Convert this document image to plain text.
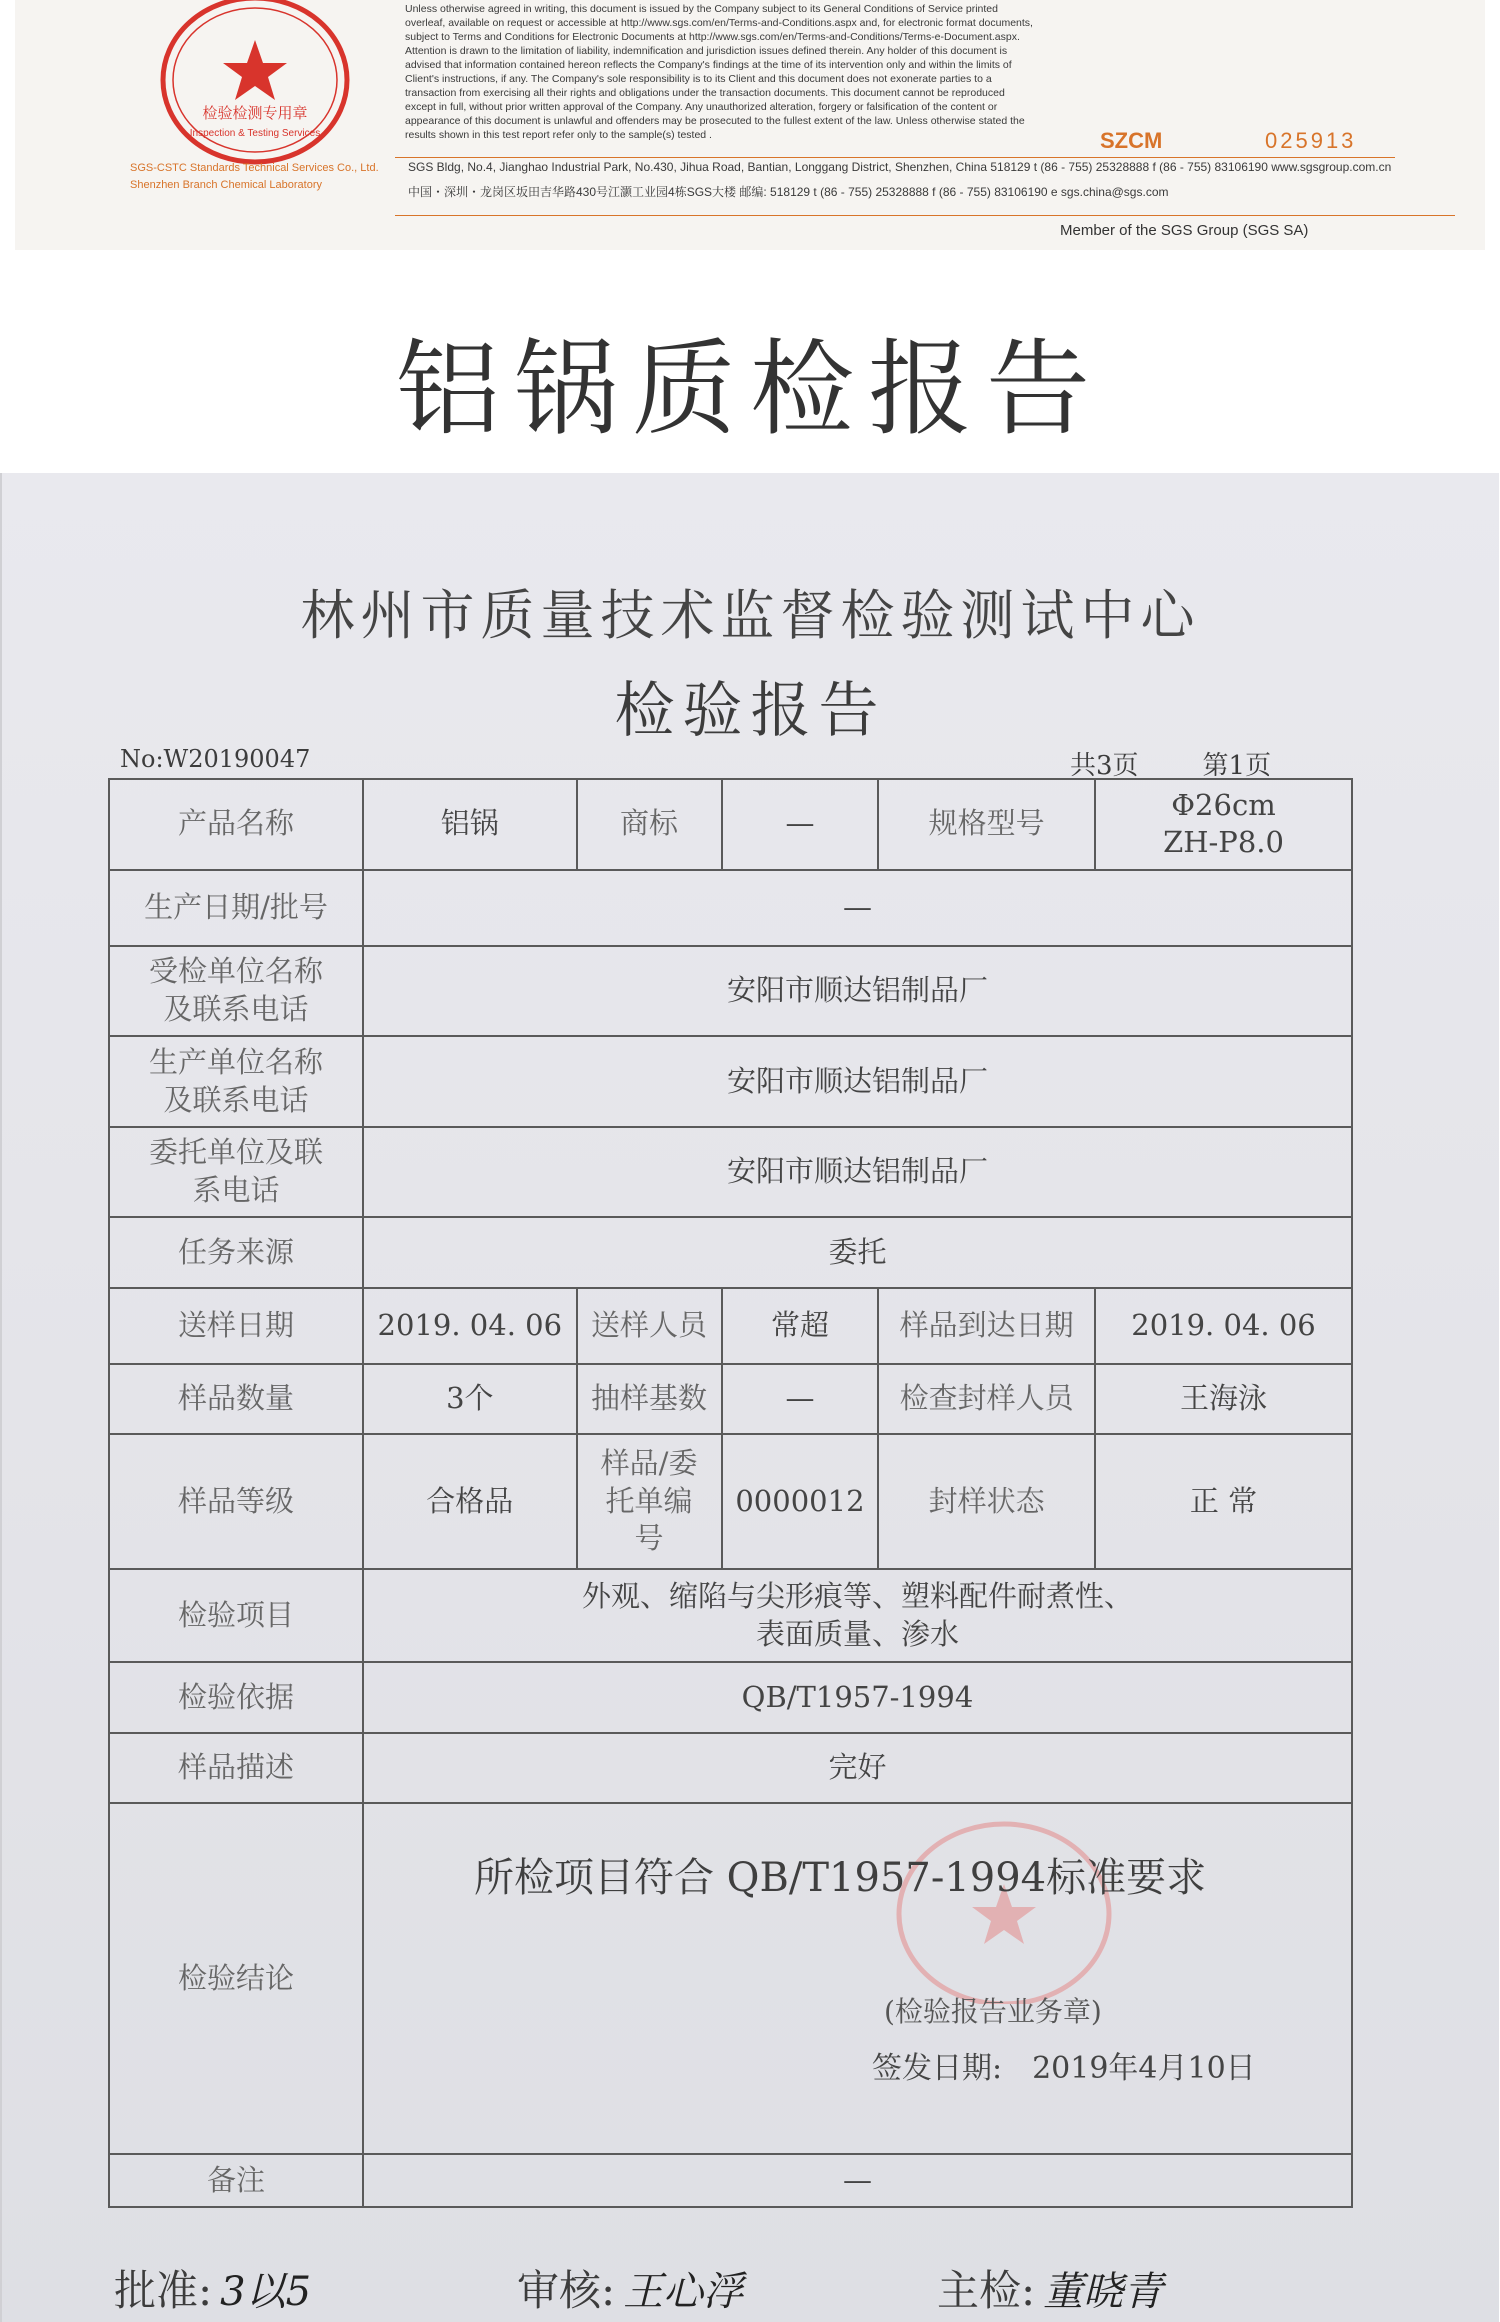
检验检测专用章
Inspection & Testing Services
Unless otherwise agreed in writing, this document is issued by the Company subject to its General Conditions of Service printed
overleaf, available on request or accessible at http://www.sgs.com/en/Terms-and-Conditions.aspx and, for electronic format documents,
subject to Terms and Conditions for Electronic Documents at http://www.sgs.com/en/Terms-and-Conditions/Terms-e-Document.aspx.
Attention is drawn to the limitation of liability, indemnification and jurisdiction issues defined therein. Any holder of this document is
advised that information contained hereon reflects the Company's findings at the time of its intervention only and within the limits of
Client's instructions, if any. The Company's sole responsibility is to its Client and this document does not exonerate parties to a
transaction from exercising all their rights and obligations under the transaction documents. This document cannot be reproduced
except in full, without prior written approval of the Company. Any unauthorized alteration, forgery or falsification of the content or
appearance of this document is unlawful and offenders may be prosecuted to the fullest extent of the law. Unless otherwise stated the
results shown in this test report refer only to the sample(s) tested .	SZCM	025913
SGS-CSTC Standards Technical Services Co., Ltd.
Shenzhen Branch Chemical Laboratory
SGS Bldg, No.4, Jianghao Industrial Park, No.430, Jihua Road, Bantian, Longgang District, Shenzhen, China 518129 t (86 - 755) 25328888 f (86 - 755) 83106190 www.sgsgroup.com.cn
中国・深圳・龙岗区坂田吉华路430号江灏工业园4栋SGS大楼 邮编: 518129 t (86 - 755) 25328888 f (86 - 755) 83106190 e sgs.china@sgs.com
Member of the SGS Group (SGS SA)
铝锅质检报告
林州市质量技术监督检验测试中心
检验报告
No:W20190047	共3页 第1页
产品名称	铝锅	商标	—	规格型号	Φ26cm
ZH-P8.0

生产日期/批号	—				

受检单位名称
及联系电话	安阳市顺达铝制品厂				

生产单位名称
及联系电话	安阳市顺达铝制品厂				

委托单位及联
系电话	安阳市顺达铝制品厂				
任务来源	委托				
送样日期	2019. 04. 06	送样人员	常超	样品到达日期	2019. 04. 06
样品数量	3个	抽样基数	—	检查封样人员	王海泳
样品等级	合格品	样品/委
托单编
号	0000012	封样状态	正 常
检验项目	外观、缩陷与尖形痕等、塑料配件耐煮性、
表面质量、渗水				

检验依据	QB/T1957-1994				
样品描述	完好				
检验结论	所检项目符合 QB/T1957-1994标准要求
(检验报告业务章)
签发日期: 2019年4月10日				

备注	—				
批准: 3以5	审核: 王心浮	主检: 董晓青
